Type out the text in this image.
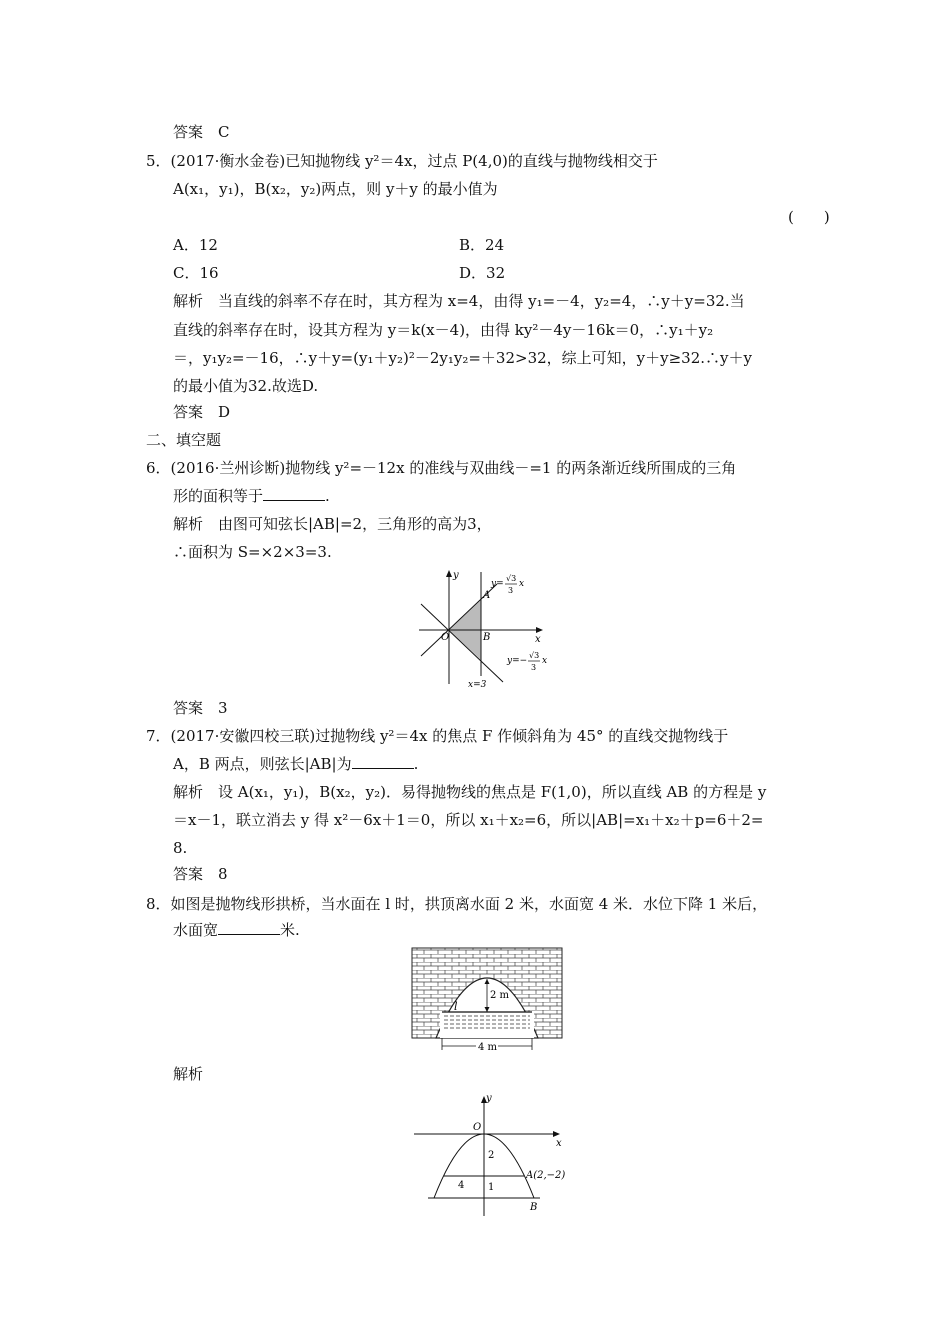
答案　C
5．(2017·衡水金卷)已知抛物线 y²＝4x，过点 P(4,0)的直线与抛物线相交于
A(x₁，y₁)，B(x₂，y₂)两点，则 y＋y 的最小值为
(　　)
A．12	B．24
C．16	D．32
解析　当直线的斜率不存在时，其方程为 x=4，由得 y₁=－4，y₂=4，∴y＋y=32.当
直线的斜率存在时，设其方程为 y＝k(x－4)，由得 ky²－4y－16k＝0，∴y₁＋y₂
＝，y₁y₂=－16，∴y＋y=(y₁＋y₂)²－2y₁y₂=＋32>32，综上可知，y＋y≥32.∴y＋y
的最小值为32.故选D.
答案　D
二、填空题
6．(2016·兰州诊断)抛物线 y²=－12x 的准线与双曲线－=1 的两条渐近线所围成的三角
形的面积等于	.
解析　由图可知弦长|AB|=2，三角形的高为3，
∴面积为 S=×2×3=3.
y
x
O
A
B
y=
√3
3
x
y=−
√3
3
x
x=3
答案　3
7．(2017·安徽四校三联)过抛物线 y²＝4x 的焦点 F 作倾斜角为 45° 的直线交抛物线于
A，B 两点，则弦长|AB|为	.
解析　设 A(x₁，y₁)，B(x₂，y₂)．易得抛物线的焦点是 F(1,0)，所以直线 AB 的方程是 y
＝x－1，联立消去 y 得 x²－6x＋1＝0，所以 x₁＋x₂=6，所以|AB|=x₁＋x₂＋p=6＋2=
8.
答案　8
8．如图是抛物线形拱桥，当水面在 l 时，拱顶离水面 2 米，水面宽 4 米．水位下降 1 米后，
水面宽	米.
2 m
l
4 m
解析
y
x
O
2
1
4
A(2,−2)
B
